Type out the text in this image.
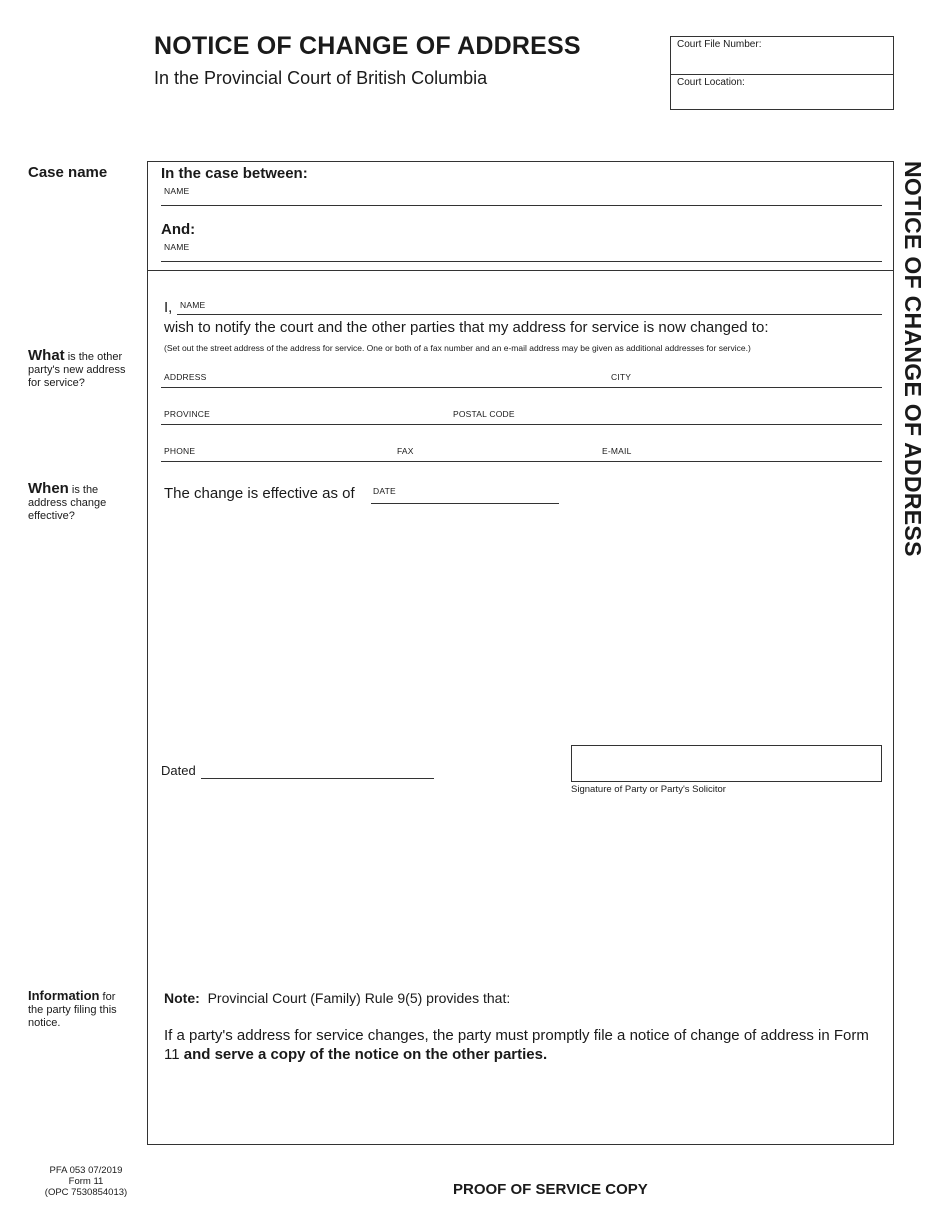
NOTICE OF CHANGE OF ADDRESS
In the Provincial Court of British Columbia
Court File Number:
Court Location:
Case name
What is the other party's new address for service?
When is the address change effective?
Information for the party filing this notice.
In the case between:
NAME
And:
NAME
I, NAME
wish to notify the court and the other parties that my address for service is now changed to:
(Set out the street address of the address for service. One or both of a fax number and an e-mail address may be given as additional addresses for service.)
ADDRESS	CITY
PROVINCE	POSTAL CODE
PHONE	FAX	E-MAIL
The change is effective as of DATE
Dated
Signature of Party or Party's Solicitor
Note: Provincial Court (Family) Rule 9(5) provides that:
If a party's address for service changes, the party must promptly file a notice of change of address in Form 11 and serve a copy of the notice on the other parties.
NOTICE OF CHANGE OF ADDRESS
PFA 053 07/2019
Form 11
(OPC 7530854013)	PROOF OF SERVICE COPY
